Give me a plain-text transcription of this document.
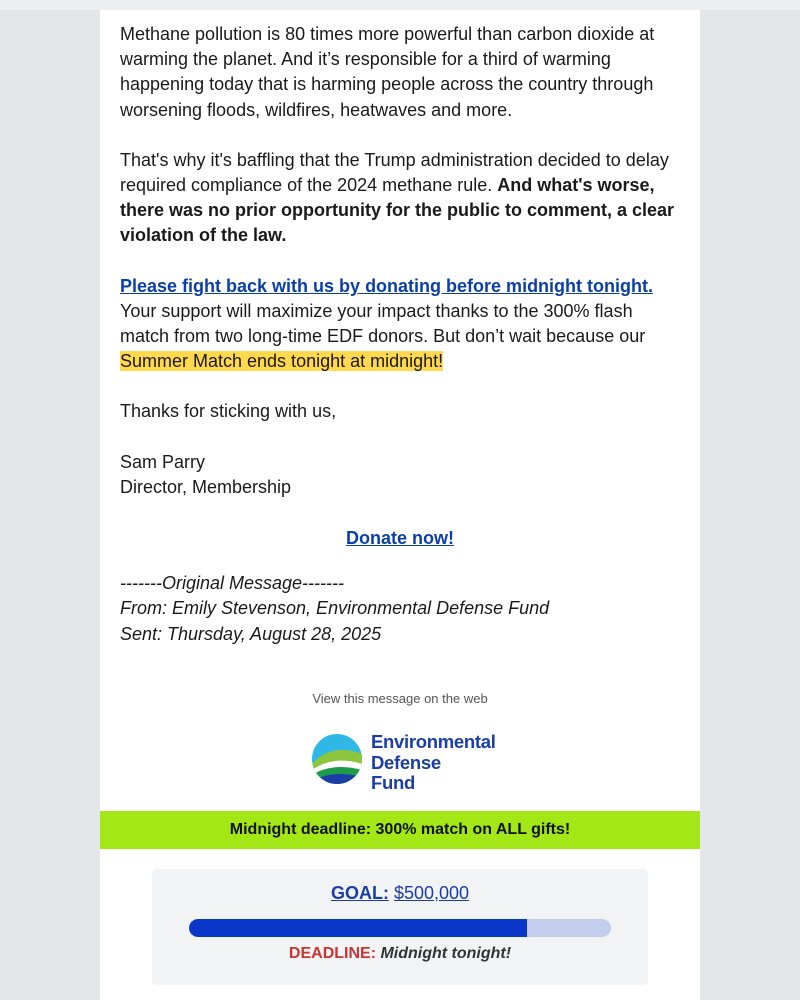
Methane pollution is 80 times more powerful than carbon dioxide at warming the planet. And it’s responsible for a third of warming happening today that is harming people across the country through worsening floods, wildfires, heatwaves and more.

That's why it's baffling that the Trump administration decided to delay required compliance of the 2024 methane rule. And what's worse, there was no prior opportunity for the public to comment, a clear violation of the law.

Please fight back with us by donating before midnight tonight.
Your support will maximize your impact thanks to the 300% flash match from two long-time EDF donors. But don’t wait because our Summer Match ends tonight at midnight!

Thanks for sticking with us,

Sam Parry

Director, Membership

Donate now!
-------Original Message-------
From: Emily Stevenson, Environmental Defense Fund
Sent: Thursday, August 28, 2025
View this message on the web
Environmental
Defense
Fund
Midnight deadline: 300% match on ALL gifts!
GOAL: $500,000
DEADLINE: Midnight tonight!
